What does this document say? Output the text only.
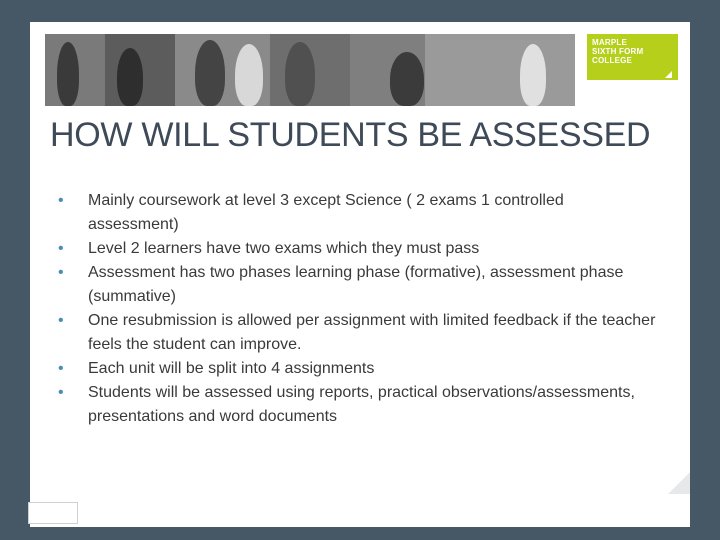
MARPLE
SIXTH FORM
COLLEGE
HOW WILL STUDENTS BE ASSESSED
• Mainly coursework at level 3 except Science ( 2 exams 1 controlled assessment)
• Level 2 learners have two exams which they must pass
• Assessment has two phases learning phase (formative), assessment phase (summative)
• One resubmission is allowed per assignment with limited feedback if the teacher feels the student can improve.
• Each unit will be split into 4 assignments
• Students will be assessed using reports, practical observations/assessments, presentations and word documents
